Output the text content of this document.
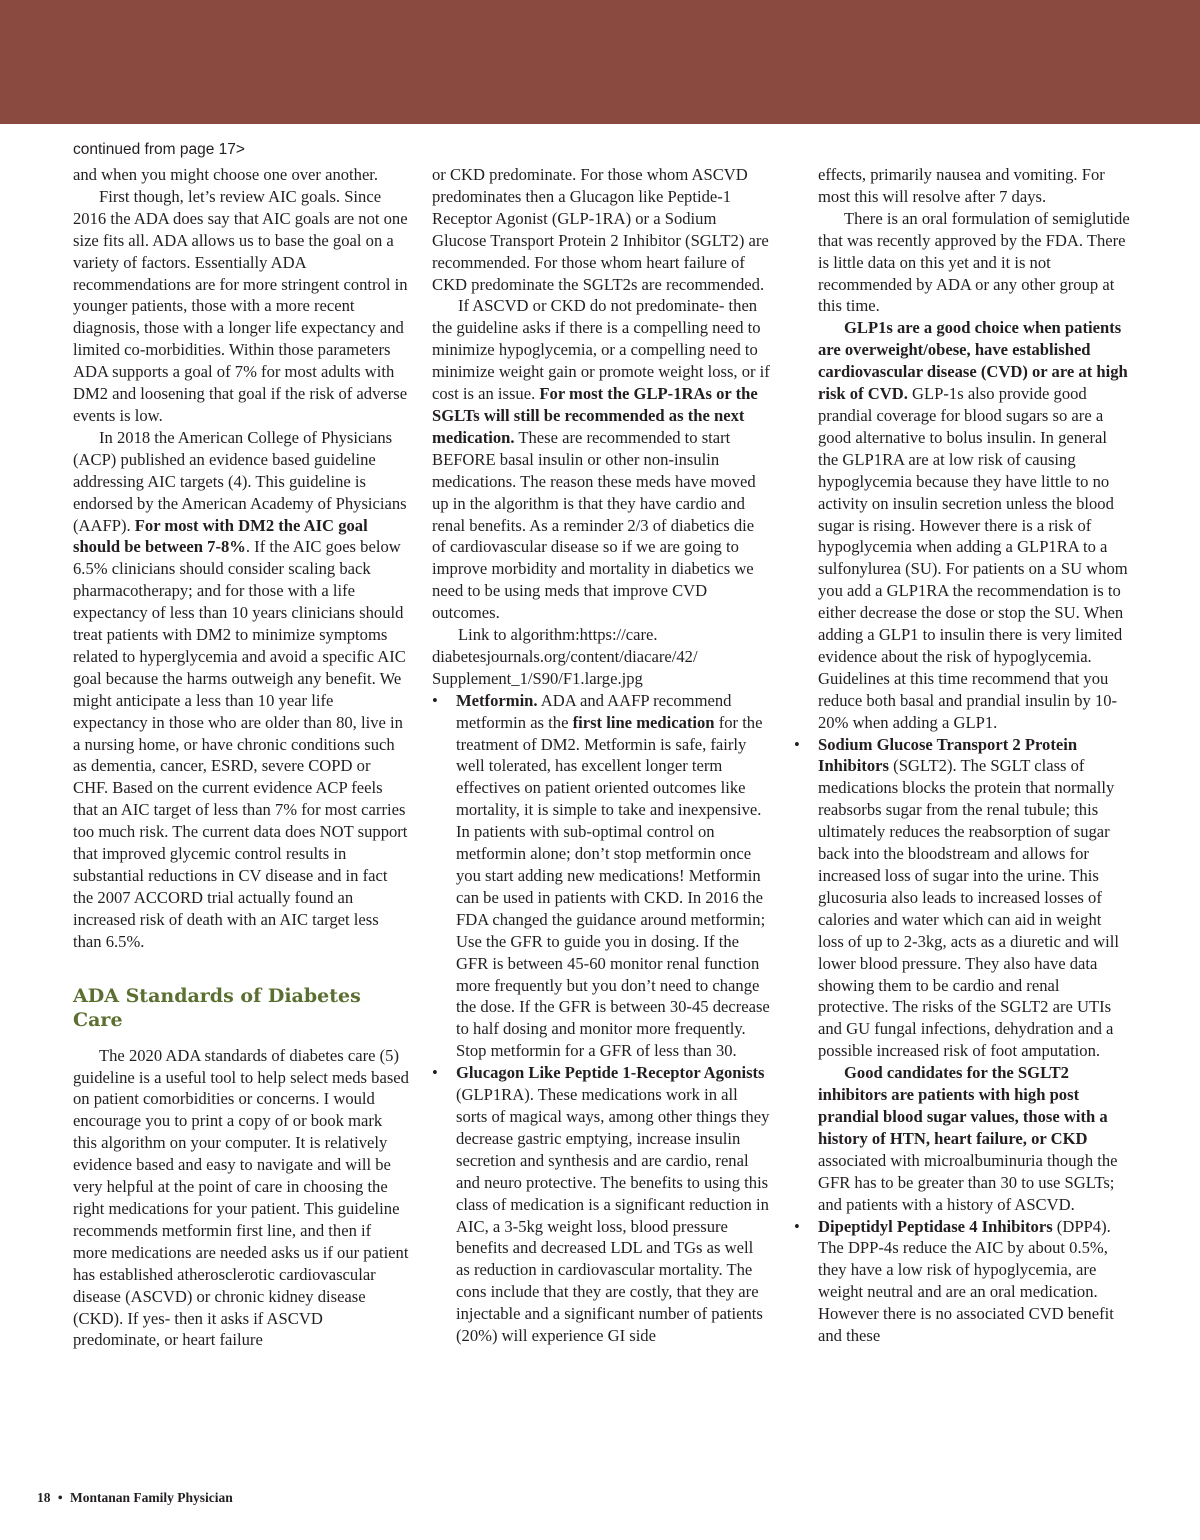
continued from page 17>

and when you might choose one over another.

First though, let’s review AIC goals. Since 2016 the ADA does say that AIC goals are not one size fits all. ADA allows us to base the goal on a variety of factors. Essentially ADA recommendations are for more stringent control in younger patients, those with a more recent diagnosis, those with a longer life expectancy and limited co-morbidities. Within those parameters ADA supports a goal of 7% for most adults with DM2 and loosening that goal if the risk of adverse events is low.

In 2018 the American College of Physicians (ACP) published an evidence based guideline addressing AIC targets (4). This guideline is endorsed by the American Academy of Physicians (AAFP). For most with DM2 the AIC goal should be between 7-8%. If the AIC goes below 6.5% clinicians should consider scaling back pharmacotherapy; and for those with a life expectancy of less than 10 years clinicians should treat patients with DM2 to minimize symptoms related to hyperglycemia and avoid a specific AIC goal because the harms outweigh any benefit. We might anticipate a less than 10 year life expectancy in those who are older than 80, live in a nursing home, or have chronic conditions such as dementia, cancer, ESRD, severe COPD or CHF. Based on the current evidence ACP feels that an AIC target of less than 7% for most carries too much risk. The current data does NOT support that improved glycemic control results in substantial reductions in CV disease and in fact the 2007 ACCORD trial actually found an increased risk of death with an AIC target less than 6.5%.

ADA Standards of Diabetes Care

The 2020 ADA standards of diabetes care (5) guideline is a useful tool to help select meds based on patient comorbidities or concerns. I would encourage you to print a copy of or book mark this algorithm on your computer. It is relatively evidence based and easy to navigate and will be very helpful at the point of care in choosing the right medications for your patient. This guideline recommends metformin first line, and then if more medications are needed asks us if our patient has established atherosclerotic cardiovascular disease (ASCVD) or chronic kidney disease (CKD). If yes- then it asks if ASCVD predominate, or heart failure

or CKD predominate. For those whom ASCVD predominates then a Glucagon like Peptide-1 Receptor Agonist (GLP-1RA) or a Sodium Glucose Transport Protein 2 Inhibitor (SGLT2) are recommended. For those whom heart failure of CKD predominate the SGLT2s are recommended.

If ASCVD or CKD do not predominate- then the guideline asks if there is a compelling need to minimize hypoglycemia, or a compelling need to minimize weight gain or promote weight loss, or if cost is an issue. For most the GLP-1RAs or the SGLTs will still be recommended as the next medication. These are recommended to start BEFORE basal insulin or other non-insulin medications. The reason these meds have moved up in the algorithm is that they have cardio and renal benefits. As a reminder 2/3 of diabetics die of cardiovascular disease so if we are going to improve morbidity and mortality in diabetics we need to be using meds that improve CVD outcomes.

Link to algorithm:https://care. diabetesjournals.org/content/diacare/42/ Supplement_1/S90/F1.large.jpg

• Metformin. ADA and AAFP recommend metformin as the first line medication for the treatment of DM2. Metformin is safe, fairly well tolerated, has excellent longer term effectives on patient oriented outcomes like mortality, it is simple to take and inexpensive. In patients with sub-optimal control on metformin alone; don’t stop metformin once you start adding new medications! Metformin can be used in patients with CKD. In 2016 the FDA changed the guidance around metformin; Use the GFR to guide you in dosing. If the GFR is between 45-60 monitor renal function more frequently but you don’t need to change the dose. If the GFR is between 30-45 decrease to half dosing and monitor more frequently. Stop metformin for a GFR of less than 30.

• Glucagon Like Peptide 1-Receptor Agonists (GLP1RA). These medications work in all sorts of magical ways, among other things they decrease gastric emptying, increase insulin secretion and synthesis and are cardio, renal and neuro protective. The benefits to using this class of medication is a significant reduction in AIC, a 3-5kg weight loss, blood pressure benefits and decreased LDL and TGs as well as reduction in cardiovascular mortality. The cons include that they are costly, that they are injectable and a significant number of patients (20%) will experience GI side

effects, primarily nausea and vomiting. For most this will resolve after 7 days.

There is an oral formulation of semiglutide that was recently approved by the FDA. There is little data on this yet and it is not recommended by ADA or any other group at this time.

GLP1s are a good choice when patients are overweight/obese, have established cardiovascular disease (CVD) or are at high risk of CVD. GLP-1s also provide good prandial coverage for blood sugars so are a good alternative to bolus insulin. In general the GLP1RA are at low risk of causing hypoglycemia because they have little to no activity on insulin secretion unless the blood sugar is rising. However there is a risk of hypoglycemia when adding a GLP1RA to a sulfonylurea (SU). For patients on a SU whom you add a GLP1RA the recommendation is to either decrease the dose or stop the SU. When adding a GLP1 to insulin there is very limited evidence about the risk of hypoglycemia. Guidelines at this time recommend that you reduce both basal and prandial insulin by 10-20% when adding a GLP1.

• Sodium Glucose Transport 2 Protein Inhibitors (SGLT2). The SGLT class of medications blocks the protein that normally reabsorbs sugar from the renal tubule; this ultimately reduces the reabsorption of sugar back into the bloodstream and allows for increased loss of sugar into the urine. This glucosuria also leads to increased losses of calories and water which can aid in weight loss of up to 2-3kg, acts as a diuretic and will lower blood pressure. They also have data showing them to be cardio and renal protective. The risks of the SGLT2 are UTIs and GU fungal infections, dehydration and a possible increased risk of foot amputation.

Good candidates for the SGLT2 inhibitors are patients with high post prandial blood sugar values, those with a history of HTN, heart failure, or CKD associated with microalbuminuria though the GFR has to be greater than 30 to use SGLTs; and patients with a history of ASCVD.

• Dipeptidyl Peptidase 4 Inhibitors (DPP4). The DPP-4s reduce the AIC by about 0.5%, they have a low risk of hypoglycemia, are weight neutral and are an oral medication. However there is no associated CVD benefit and these

18 • Montanan Family Physician
